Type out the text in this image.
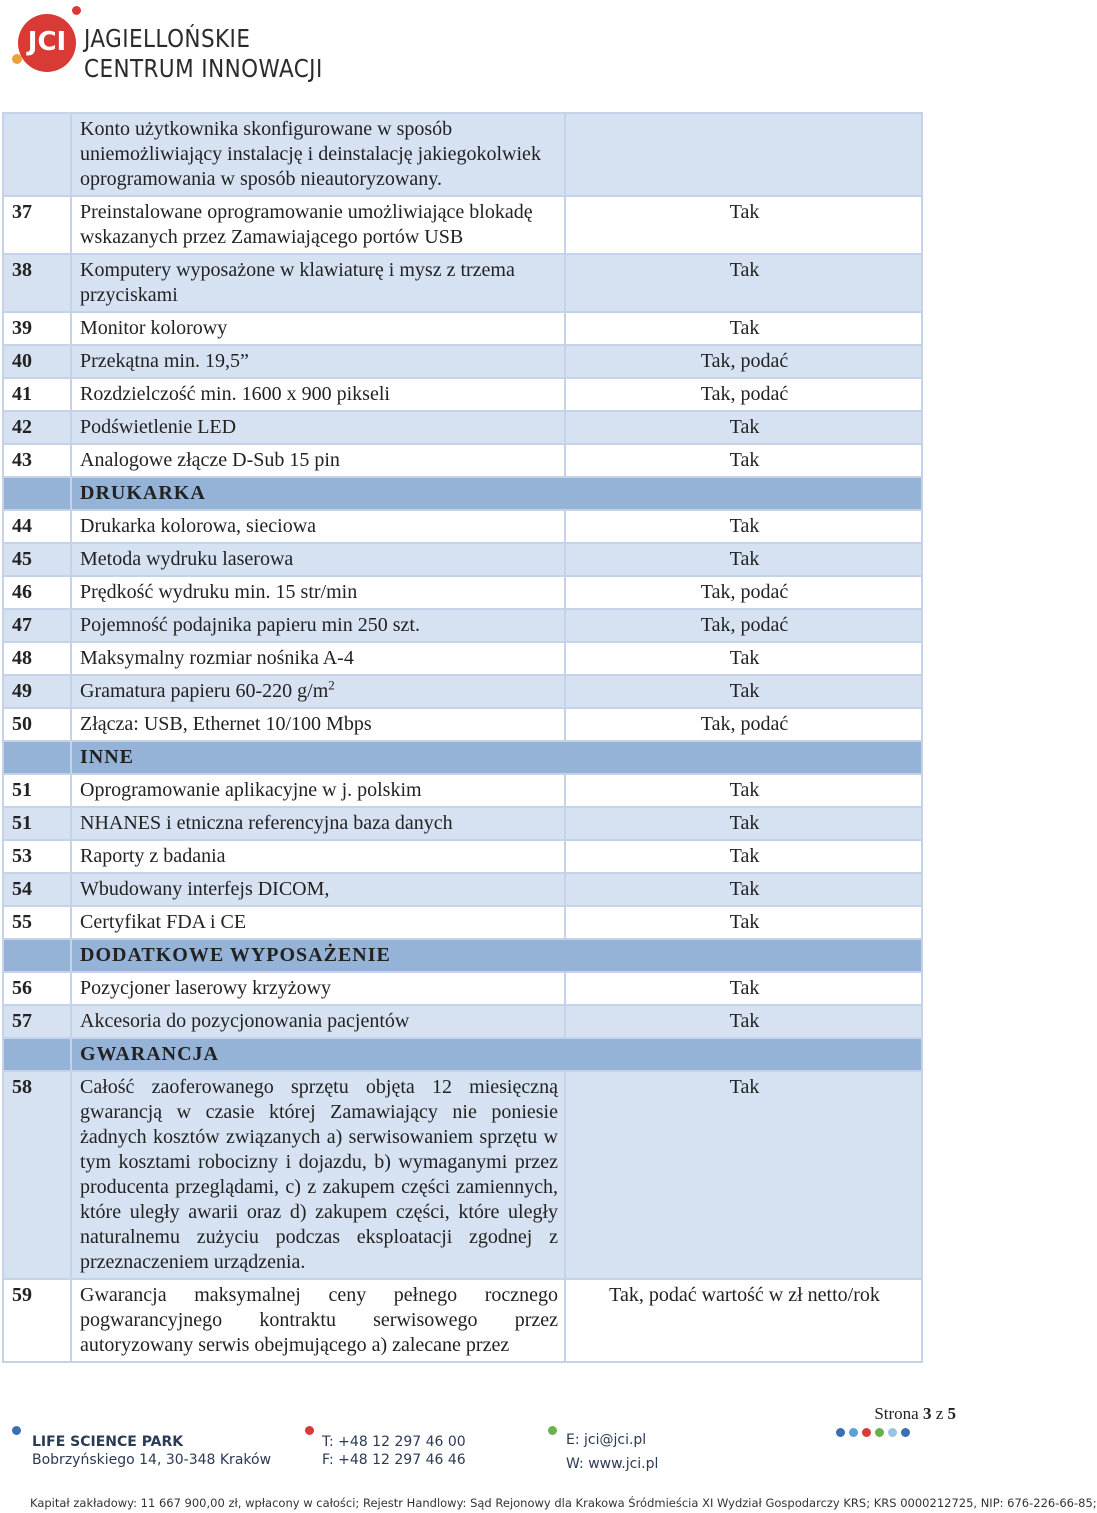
JCI JAGIELLOŃSKIE
CENTRUM INNOWACJI
	Konto użytkownika skonfigurowane w sposób uniemożliwiający instalację i deinstalację jakiegokolwiek oprogramowania w sposób nieautoryzowany.	
37	Preinstalowane oprogramowanie umożliwiające blokadę wskazanych przez Zamawiającego portów USB	Tak
38	Komputery wyposażone w klawiaturę i mysz z trzema przyciskami	Tak
39	Monitor kolorowy	Tak
40	Przekątna min. 19,5”	Tak, podać
41	Rozdzielczość min. 1600 x 900 pikseli	Tak, podać
42	Podświetlenie LED	Tak
43	Analogowe złącze D-Sub 15 pin	Tak
	DRUKARKA	
44	Drukarka kolorowa, sieciowa	Tak
45	Metoda wydruku laserowa	Tak
46	Prędkość wydruku min. 15 str/min	Tak, podać
47	Pojemność podajnika papieru min 250 szt.	Tak, podać
48	Maksymalny rozmiar nośnika A-4	Tak
49	Gramatura papieru 60-220 $g/m^2$	Tak
50	Złącza: USB, Ethernet 10/100 Mbps	Tak, podać
	INNE	
51	Oprogramowanie aplikacyjne w j. polskim	Tak
51	NHANES i etniczna referencyjna baza danych	Tak
53	Raporty z badania	Tak
54	Wbudowany interfejs DICOM,	Tak
55	Certyfikat FDA i CE	Tak
	DODATKOWE WYPOSAŻENIE	
56	Pozycjoner laserowy krzyżowy	Tak
57	Akcesoria do pozycjonowania pacjentów	Tak
	GWARANCJA	
58	Całość zaoferowanego sprzętu objęta 12 miesięczną gwarancją w czasie której Zamawiający nie poniesie żadnych kosztów związanych a) serwisowaniem sprzętu w tym kosztami robocizny i dojazdu, b) wymaganymi przez producenta przeglądami, c) z zakupem części zamiennych, które uległy awarii oraz d) zakupem części, które uległy naturalnemu zużyciu podczas eksploatacji zgodnej z przeznaczeniem urządzenia.	Tak
59	Gwarancja maksymalnej ceny pełnego rocznego pogwarancyjnego kontraktu serwisowego przez autoryzowany serwis obejmującego a) zalecane przez	Tak, podać wartość w zł netto/rok
Strona 3 z 5
LIFE SCIENCE PARK
Bobrzyńskiego 14, 30-348 Kraków
T: +48 12 297 46 00
F: +48 12 297 46 46
E: jci@jci.pl
W: www.jci.pl
Kapitał zakładowy: 11 667 900,00 zł, wpłacony w całości; Rejestr Handlowy: Sąd Rejonowy dla Krakowa Śródmieścia XI Wydział Gospodarczy KRS; KRS 0000212725, NIP: 676-226-66-85;
